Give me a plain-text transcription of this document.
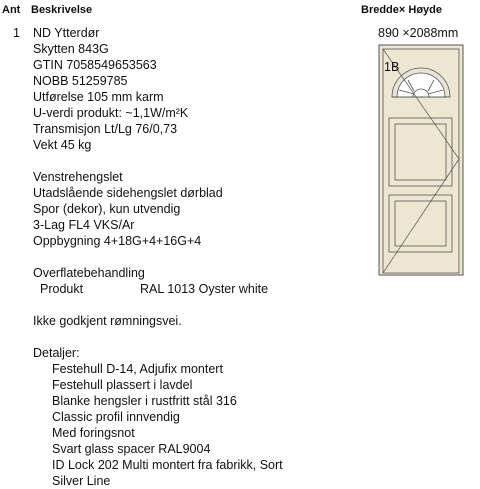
Ant Beskrivelse	Bredde× Høyde
1 ND Ytterdør	890 ×2088mm
Skytten 843G
GTIN 7058549653563
NOBB 51259785
Utførelse 105 mm karm
U-verdi produkt: ~1,1W/m²K
Transmisjon Lt/Lg 76/0,73
Vekt 45 kg
Venstrehengslet
Utadslående sidehengslet dørblad
Spor (dekor), kun utvendig
3-Lag FL4 VKS/Ar
Oppbygning 4+18G+4+16G+4
Overflatebehandling
Produkt	RAL 1013 Oyster white
Ikke godkjent rømningsvei.
Detaljer:
Festehull D-14, Adjufix montert
Festehull plassert i lavdel
Blanke hengsler i rustfritt stål 316
Classic profil innvendig
Med foringsnot
Svart glass spacer RAL9004
ID Lock 202 Multi montert fra fabrikk, Sort
Silver Line
1B
